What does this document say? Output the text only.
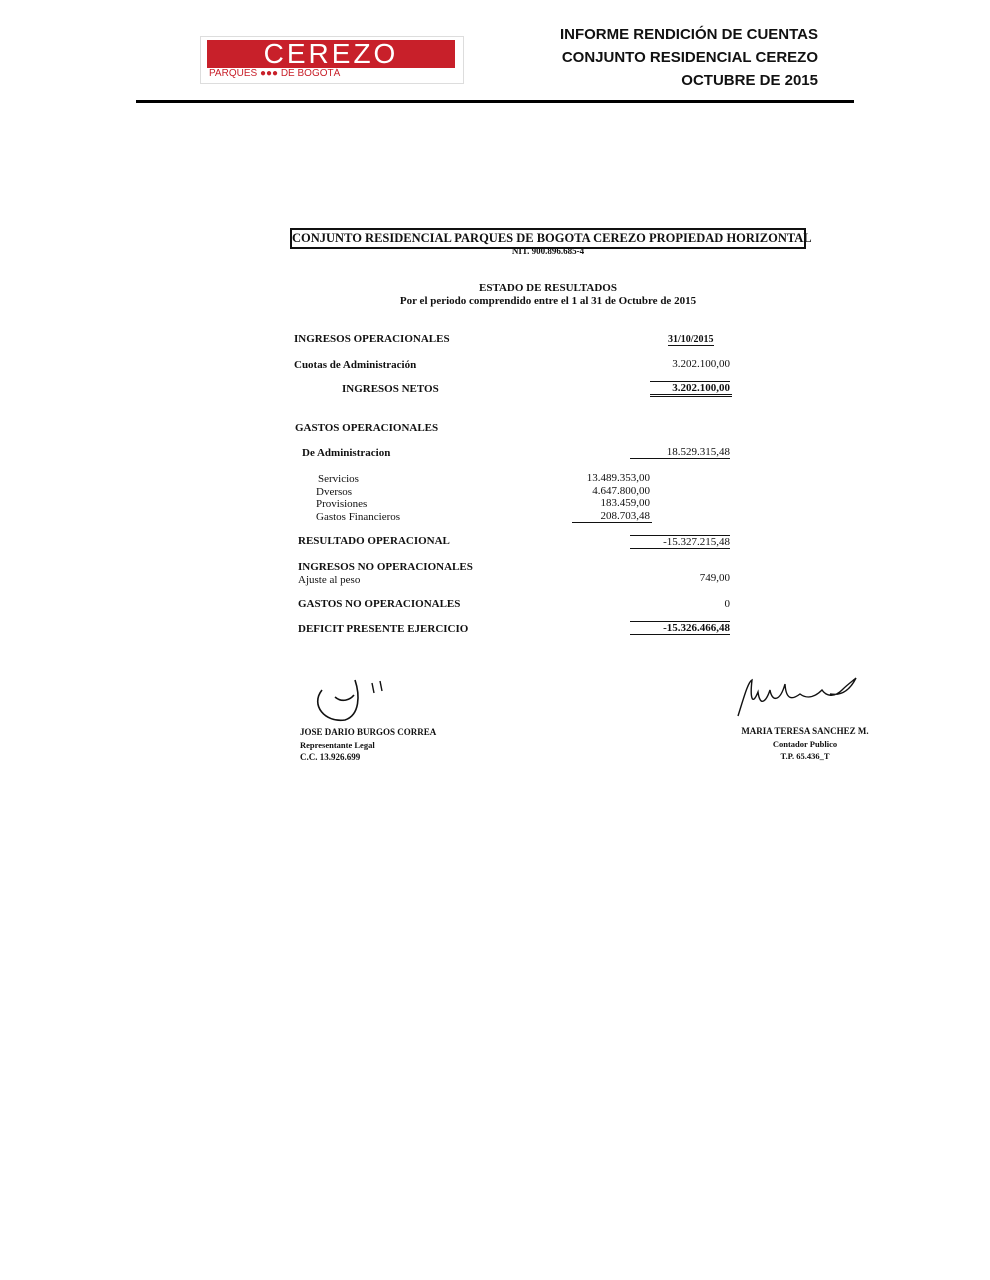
CEREZO
PARQUES ●●● DE BOGOTÁ
INFORME RENDICIÓN DE CUENTAS
CONJUNTO RESIDENCIAL CEREZO
OCTUBRE DE 2015
CONJUNTO RESIDENCIAL PARQUES DE BOGOTA CEREZO PROPIEDAD HORIZONTAL
NIT. 900.896.685-4
ESTADO DE RESULTADOS
Por el periodo comprendido entre el 1 al 31 de Octubre de 2015
INGRESOS OPERACIONALES	31/10/2015
Cuotas de Administración	3.202.100,00
INGRESOS NETOS	3.202.100,00
GASTOS OPERACIONALES
De Administracion	18.529.315,48
Servicios	13.489.353,00
Dversos	4.647.800,00
Provisiones	183.459,00
Gastos Financieros	208.703,48
RESULTADO OPERACIONAL	-15.327.215,48
INGRESOS NO OPERACIONALES
Ajuste al peso	749,00
GASTOS NO OPERACIONALES	0
DEFICIT PRESENTE EJERCICIO	-15.326.466,48
JOSE DARIO BURGOS CORREA
Representante Legal
C.C. 13.926.699
MARIA TERESA SANCHEZ M.
Contador Publico
T.P. 65.436_T
